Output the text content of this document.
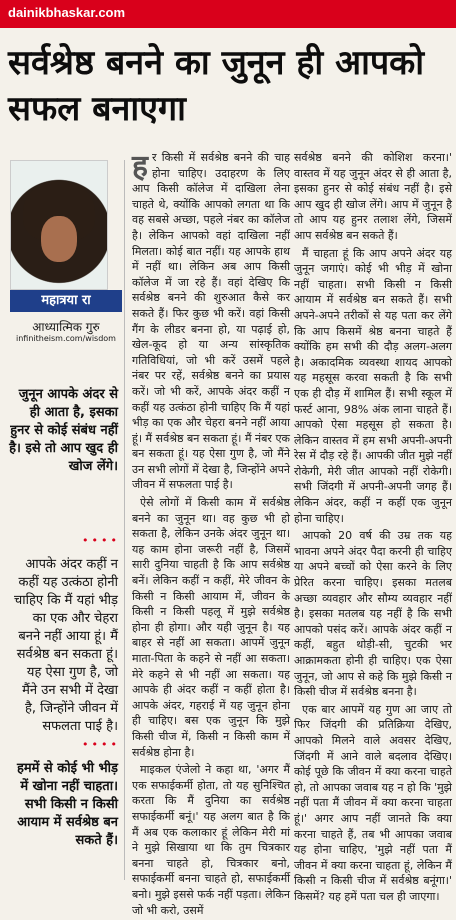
dainikbhaskar.com
सर्वश्रेष्ठ बनने का जुनून ही आपको सफल बनाएगा
महात्रया रा
आध्यात्मिक गुरु
infinitheism.com/wisdom
जुनून आपके अंदर से ही आता है, इसका हुनर से कोई संबंध नहीं है। इसे तो आप खुद ही खोज लेंगे।
••••
आपके अंदर कहीं न कहीं यह उत्कंठा होनी चाहिए कि मैं यहां भीड़ का एक और चेहरा बनने नहीं आया हूं। मैं सर्वश्रेष्ठ बन सकता हूं। यह ऐसा गुण है, जो मैंने उन सभी में देखा है, जिन्होंने जीवन में सफलता पाई है।
••••
हममें से कोई भी भीड़ में खोना नहीं चाहता। सभी किसी न किसी आयाम में सर्वश्रेष्ठ बन सकते हैं।

हर किसी में सर्वश्रेष्ठ बनने की चाह होना चाहिए। उदाहरण के लिए आप किसी कॉलेज में दाखिला लेना चाहते थे, क्योंकि आपको लगता था कि वह सबसे अच्छा, पहले नंबर का कॉलेज है। लेकिन आपको वहां दाखिला नहीं मिलता। कोई बात नहीं। यह आपके हाथ में नहीं था। लेकिन अब आप किसी कॉलेज में जा रहे हैं। वहां देखिए कि सर्वश्रेष्ठ बनने की शुरुआत कैसे कर सकते हैं। फिर कुछ भी करें। वहां किसी गैंग के लीडर बनना हो, या पढ़ाई हो, खेल-कूद हो या अन्य सांस्कृतिक गतिविधियां, जो भी करें उसमें पहले नंबर पर रहें, सर्वश्रेष्ठ बनने का प्रयास करें। जो भी करें, आपके अंदर कहीं न कहीं यह उत्कंठा होनी चाहिए कि मैं यहां भीड़ का एक और चेहरा बनने नहीं आया हूं। मैं सर्वश्रेष्ठ बन सकता हूं। मैं नंबर एक बन सकता हूं। यह ऐसा गुण है, जो मैंने उन सभी लोगों में देखा है, जिन्होंने अपने जीवन में सफलता पाई है।

ऐसे लोगों में किसी काम में सर्वश्रेष्ठ बनने का जुनून था। वह कुछ भी हो सकता है, लेकिन उनके अंदर जुनून था। यह काम होना जरूरी नहीं है, जिसमें सारी दुनिया चाहती है कि आप सर्वश्रेष्ठ बनें। लेकिन कहीं न कहीं, मेरे जीवन के किसी न किसी आयाम में, जीवन के किसी न किसी पहलू में मुझे सर्वश्रेष्ठ होना ही होगा। और यही जुनून है। यह बाहर से नहीं आ सकता। आपमें जुनून माता-पिता के कहने से नहीं आ सकता। मेरे कहने से भी नहीं आ सकता। यह आपके ही अंदर कहीं न कहीं होता है। आपके अंदर, गहराई में यह जुनून होना ही चाहिए। बस एक जुनून कि मुझे किसी चीज में, किसी न किसी काम में सर्वश्रेष्ठ होना है।

माइकल एंजेलो ने कहा था, 'अगर मैं एक सफाईकर्मी होता, तो यह सुनिश्चित करता कि मैं दुनिया का सर्वश्रेष्ठ सफाईकर्मी बनूं।' यह अलग बात है कि मैं अब एक कलाकार हूं लेकिन मेरी मां ने मुझे सिखाया था कि तुम चित्रकार बनना चाहते हो, चित्रकार बनो, सफाईकर्मी बनना चाहते हो, सफाईकर्मी बनो। मुझे इससे फर्क नहीं पड़ता। लेकिन जो भी करो, उसमें

सर्वश्रेष्ठ बनने की कोशिश करना।' वास्तव में यह जुनून अंदर से ही आता है, इसका हुनर से कोई संबंध नहीं है। इसे आप खुद ही खोज लेंगे। आप में जुनून है तो आप यह हुनर तलाश लेंगे, जिसमें आप सर्वश्रेष्ठ बन सकते हैं।

मैं चाहता हूं कि आप अपने अंदर यह जुनून जगाएं। कोई भी भीड़ में खोना नहीं चाहता। सभी किसी न किसी आयाम में सर्वश्रेष्ठ बन सकते हैं। सभी अपने-अपने तरीकों से यह पता कर लेंगे कि आप किसमें श्रेष्ठ बनना चाहते हैं क्योंकि हम सभी की दौड़ अलग-अलग है। अकादमिक व्यवस्था शायद आपको यह महसूस करवा सकती है कि सभी एक ही दौड़ में शामिल हैं। सभी स्कूल में फर्स्ट आना, 98% अंक लाना चाहते हैं। आपको ऐसा महसूस हो सकता है। लेकिन वास्तव में हम सभी अपनी-अपनी रेस में दौड़ रहे हैं। आपकी जीत मुझे नहीं रोकेगी, मेरी जीत आपको नहीं रोकेगी। सभी जिंदगी में अपनी-अपनी जगह हैं। लेकिन अंदर, कहीं न कहीं एक जुनून होना चाहिए।

आपको 20 वर्ष की उम्र तक यह भावना अपने अंदर पैदा करनी ही चाहिए या अपने बच्चों को ऐसा करने के लिए प्रेरित करना चाहिए। इसका मतलब अच्छा व्यवहार और सौम्य व्यवहार नहीं है। इसका मतलब यह नहीं है कि सभी आपको पसंद करें। आपके अंदर कहीं न कहीं, बहुत थोड़ी-सी, चुटकी भर आक्रामकता होनी ही चाहिए। एक ऐसा जुनून, जो आप से कहे कि मुझे किसी न किसी चीज में सर्वश्रेष्ठ बनना है।

एक बार आपमें यह गुण आ जाए तो फिर जिंदगी की प्रतिक्रिया देखिए, आपको मिलने वाले अवसर देखिए, जिंदगी में आने वाले बदलाव देखिए। कोई पूछे कि जीवन में क्या करना चाहते हो, तो आपका जवाब यह न हो कि 'मुझे नहीं पता मैं जीवन में क्या करना चाहता हूं।' अगर आप नहीं जानते कि क्या करना चाहते हैं, तब भी आपका जवाब यह होना चाहिए, 'मुझे नहीं पता मैं जीवन में क्या करना चाहता हूं, लेकिन मैं किसी न किसी चीज में सर्वश्रेष्ठ बनूंगा।' किसमें? यह हमें पता चल ही जाएगा।
